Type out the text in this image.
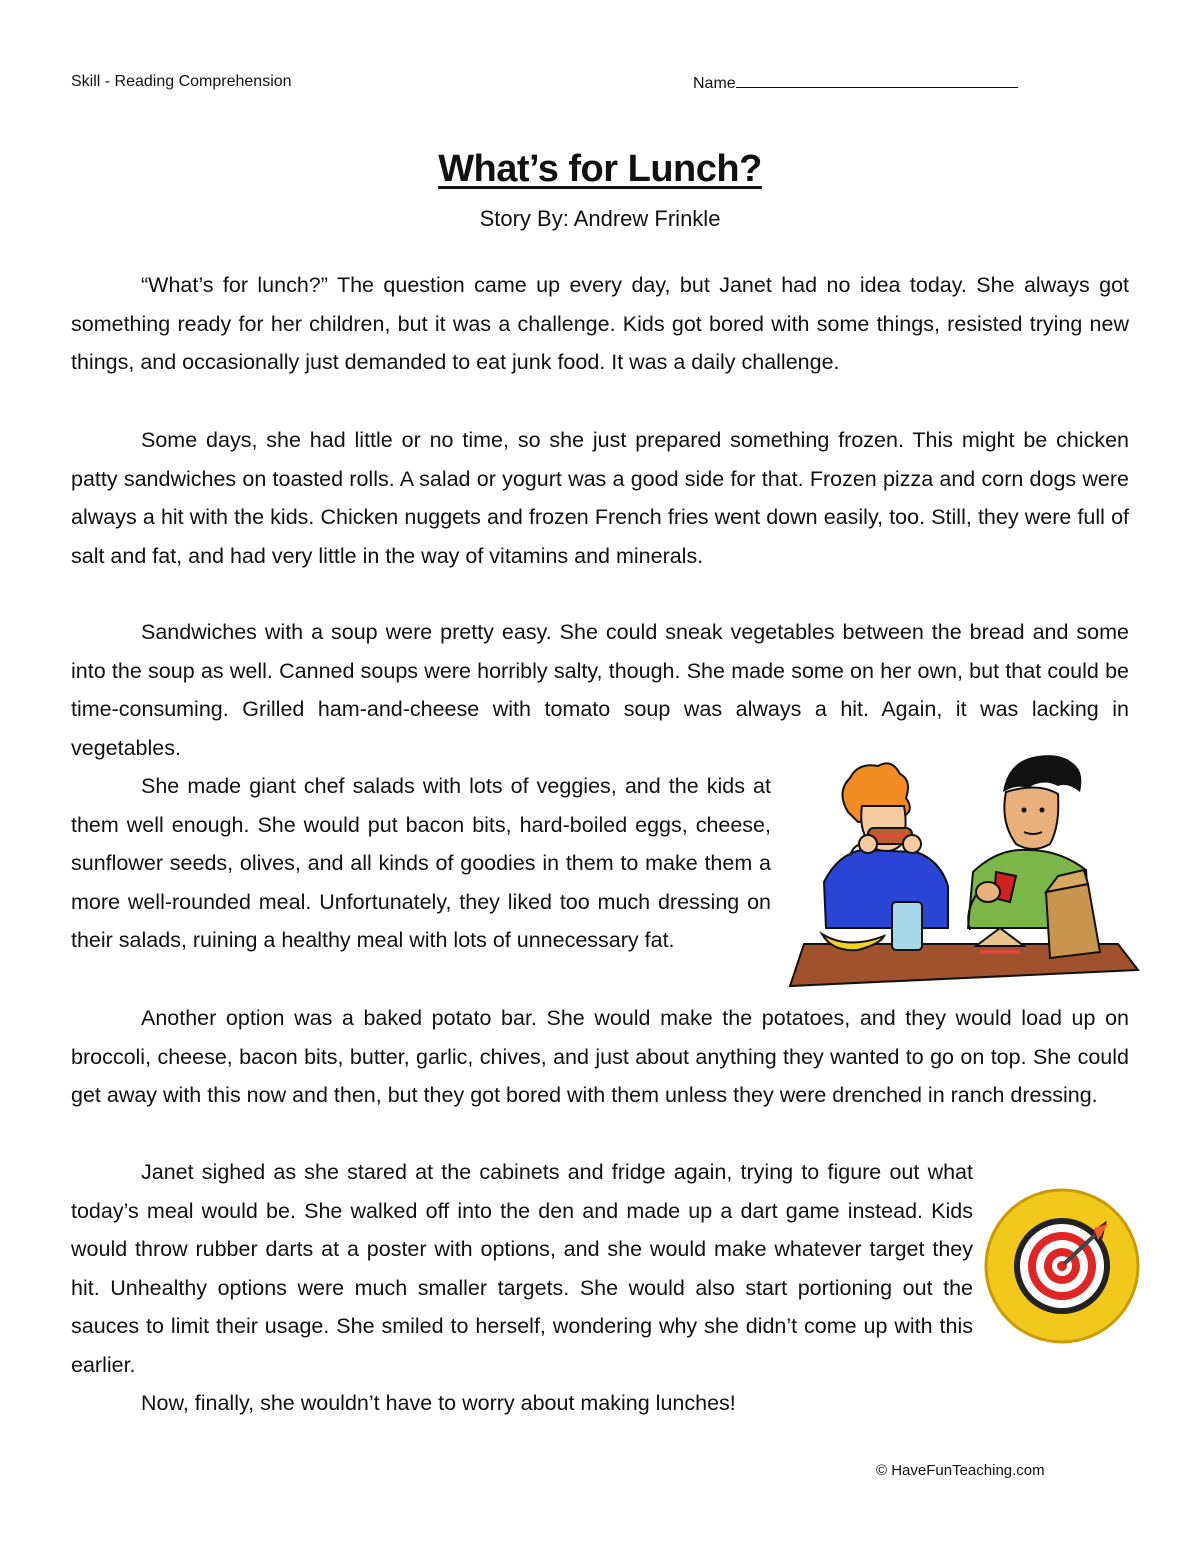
Skill - Reading Comprehension	Name
What’s for Lunch?
Story By: Andrew Frinkle

“What’s for lunch?” The question came up every day, but Janet had no idea today. She always got something ready for her children, but it was a challenge. Kids got bored with some things, resisted trying new things, and occasionally just demanded to eat junk food. It was a daily challenge.

Some days, she had little or no time, so she just prepared something frozen. This might be chicken patty sandwiches on toasted rolls. A salad or yogurt was a good side for that. Frozen pizza and corn dogs were always a hit with the kids. Chicken nuggets and frozen French fries went down easily, too. Still, they were full of salt and fat, and had very little in the way of vitamins and minerals.

Sandwiches with a soup were pretty easy. She could sneak vegetables between the bread and some into the soup as well. Canned soups were horribly salty, though. She made some on her own, but that could be time-consuming. Grilled ham-and-cheese with tomato soup was always a hit. Again, it was lacking in vegetables.

She made giant chef salads with lots of veggies, and the kids at them well enough. She would put bacon bits, hard-boiled eggs, cheese, sunflower seeds, olives, and all kinds of goodies in them to make them a more well-rounded meal. Unfortunately, they liked too much dressing on their salads, ruining a healthy meal with lots of unnecessary fat.

Another option was a baked potato bar. She would make the potatoes, and they would load up on broccoli, cheese, bacon bits, butter, garlic, chives, and just about anything they wanted to go on top. She could get away with this now and then, but they got bored with them unless they were drenched in ranch dressing.

Janet sighed as she stared at the cabinets and fridge again, trying to figure out what today’s meal would be. She walked off into the den and made up a dart game instead. Kids would throw rubber darts at a poster with options, and she would make whatever target they hit. Unhealthy options were much smaller targets. She would also start portioning out the sauces to limit their usage. She smiled to herself, wondering why she didn’t come up with this earlier.

Now, finally, she wouldn’t have to worry about making lunches!

© HaveFunTeaching.com
